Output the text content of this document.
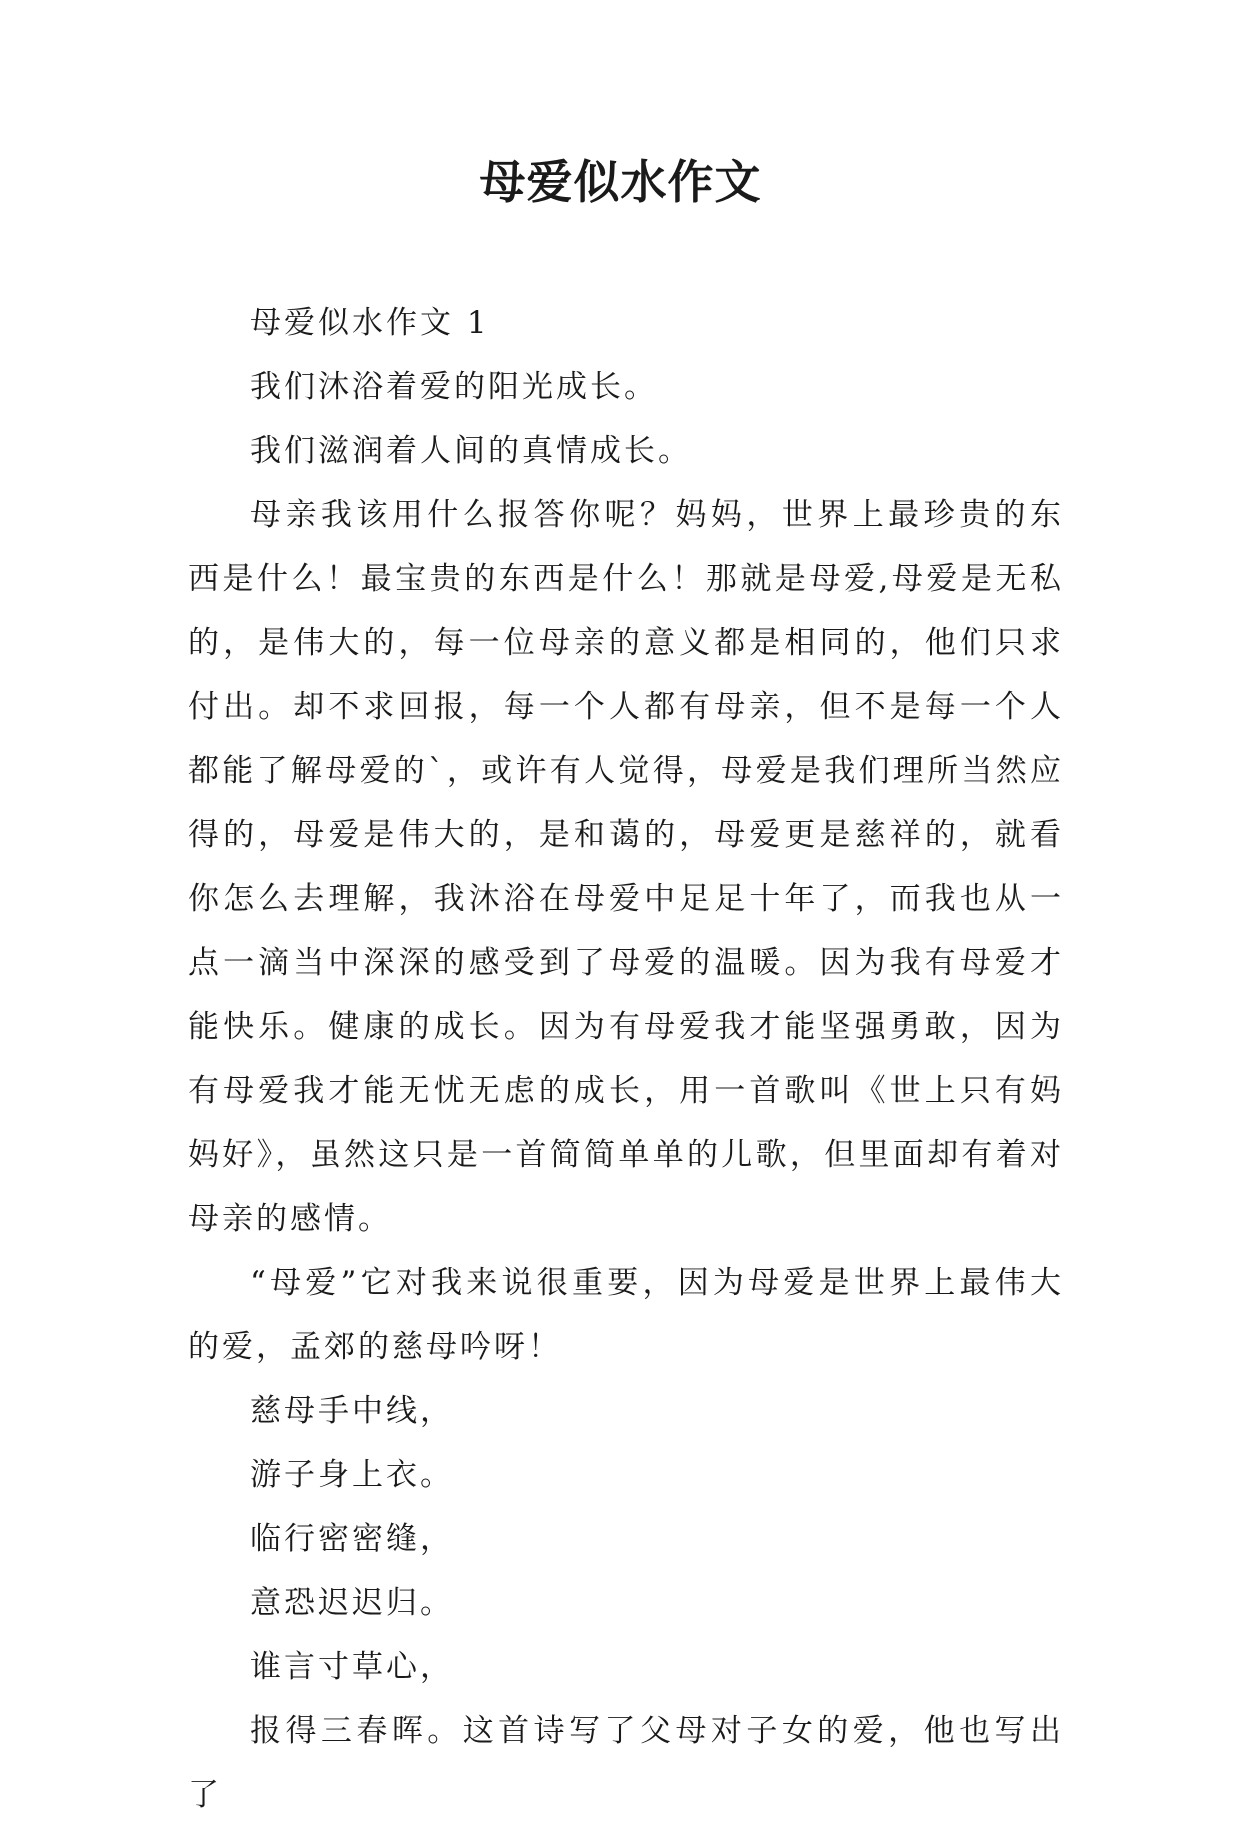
母爱似水作文

母爱似水作文 1

我们沐浴着爱的阳光成长。

我们滋润着人间的真情成长。

母亲我该用什么报答你呢？妈妈，世界上最珍贵的东西是什么！最宝贵的东西是什么！那就是母爱,母爱是无私的，是伟大的，每一位母亲的意义都是相同的，他们只求付出。却不求回报，每一个人都有母亲，但不是每一个人都能了解母爱的`，或许有人觉得，母爱是我们理所当然应得的，母爱是伟大的，是和蔼的，母爱更是慈祥的，就看你怎么去理解，我沐浴在母爱中足足十年了，而我也从一点一滴当中深深的感受到了母爱的温暖。因为我有母爱才能快乐。健康的成长。因为有母爱我才能坚强勇敢，因为有母爱我才能无忧无虑的成长，用一首歌叫《世上只有妈妈好》，虽然这只是一首简简单单的儿歌，但里面却有着对母亲的感情。

“母爱”它对我来说很重要，因为母爱是世界上最伟大的爱，孟郊的慈母吟呀！

慈母手中线，

游子身上衣。

临行密密缝，

意恐迟迟归。

谁言寸草心，

报得三春晖。这首诗写了父母对子女的爱，他也写出了
